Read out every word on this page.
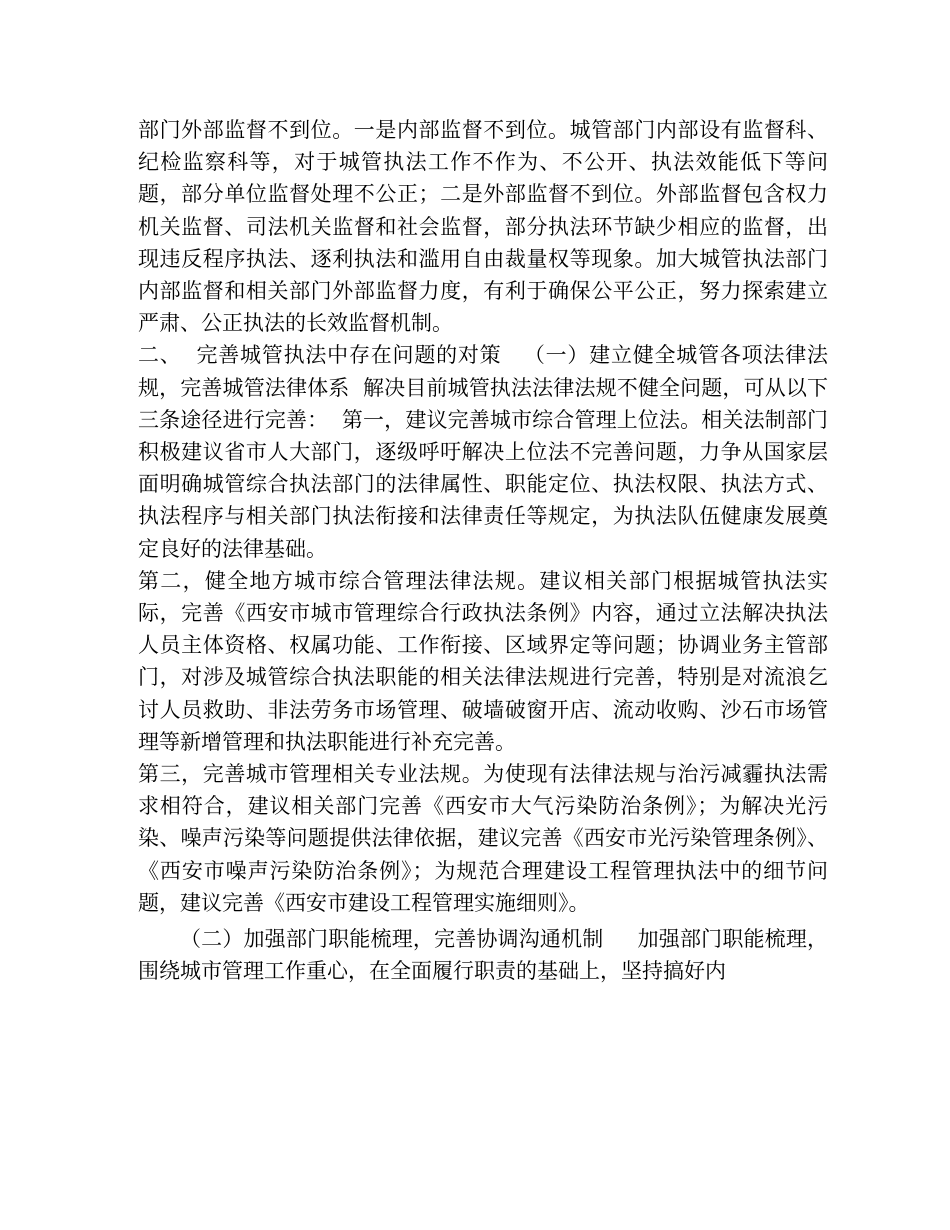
部门外部监督不到位。一是内部监督不到位。城管部门内部设有监督科、纪检监察科等，对于城管执法工作不作为、不公开、执法效能低下等问题，部分单位监督处理不公正；二是外部监督不到位。外部监督包含权力机关监督、司法机关监督和社会监督，部分执法环节缺少相应的监督，出现违反程序执法、逐利执法和滥用自由裁量权等现象。加大城管执法部门内部监督和相关部门外部监督力度，有利于确保公平公正，努力探索建立严肃、公正执法的长效监督机制。

二、  完善城管执法中存在问题的对策   （一）建立健全城管各项法律法规，完善城管法律体系  解决目前城管执法法律法规不健全问题，可从以下三条途径进行完善：  第一，建议完善城市综合管理上位法。相关法制部门积极建议省市人大部门，逐级呼吁解决上位法不完善问题，力争从国家层面明确城管综合执法部门的法律属性、职能定位、执法权限、执法方式、执法程序与相关部门执法衔接和法律责任等规定，为执法队伍健康发展奠定良好的法律基础。

第二，健全地方城市综合管理法律法规。建议相关部门根据城管执法实际，完善《西安市城市管理综合行政执法条例》内容，通过立法解决执法人员主体资格、权属功能、工作衔接、区域界定等问题；协调业务主管部门，对涉及城管综合执法职能的相关法律法规进行完善，特别是对流浪乞讨人员救助、非法劳务市场管理、破墙破窗开店、流动收购、沙石市场管理等新增管理和执法职能进行补充完善。

第三，完善城市管理相关专业法规。为使现有法律法规与治污减霾执法需求相符合，建议相关部门完善《西安市大气污染防治条例》；为解决光污染、噪声污染等问题提供法律依据，建议完善《西安市光污染管理条例》、《西安市噪声污染防治条例》；为规范合理建设工程管理执法中的细节问题，建议完善《西安市建设工程管理实施细则》。

（二）加强部门职能梳理，完善协调沟通机制     加强部门职能梳理，围绕城市管理工作重心，在全面履行职责的基础上，坚持搞好内
